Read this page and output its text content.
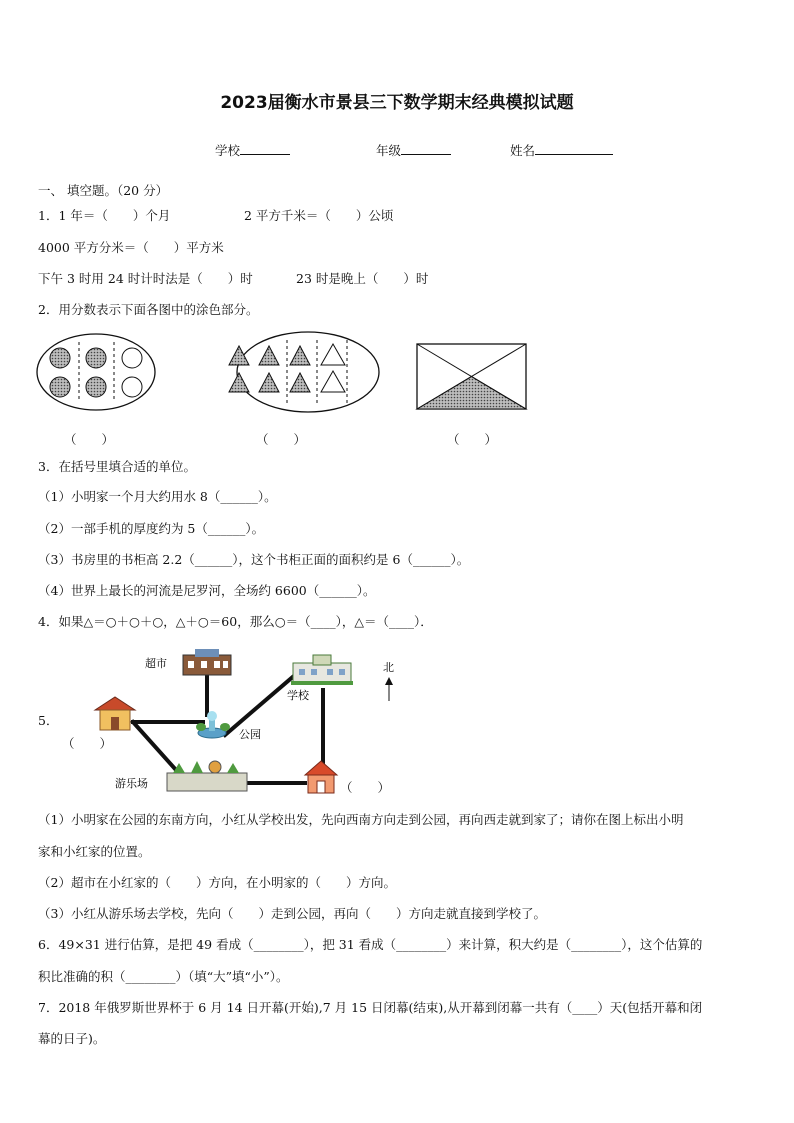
2023届衡水市景县三下数学期末经典模拟试题
学校	年级	姓名
一、 填空题。（20 分）
1．1 年＝（　　）个月	2 平方千米＝（　　）公顷
4000 平方分米＝（　　）平方米
下午 3 时用 24 时计时法是（　　）时	23 时是晚上（　　）时
2．用分数表示下面各图中的涂色部分。
（　　）	（　　）	（　　）
3．在括号里填合适的单位。
（1）小明家一个月大约用水 8（______）。
（2）一部手机的厚度约为 5（______）。
（3）书房里的书柜高 2.2（______），这个书柜正面的面积约是 6（______）。
（4）世界上最长的河流是尼罗河，全场约 6600（______）。
4．如果△＝○＋○＋○，△＋○＝60，那么○＝（____），△＝（____）．
5．
超市
学校
北
公园
游乐场
（　　）
（　　）
（1）小明家在公园的东南方向，小红从学校出发，先向西南方向走到公园，再向西走就到家了；请你在图上标出小明
家和小红家的位置。
（2）超市在小红家的（　　）方向，在小明家的（　　）方向。
（3）小红从游乐场去学校，先向（　　）走到公园，再向（　　）方向走就直接到学校了。
6．49×31 进行估算，是把 49 看成（________），把 31 看成（________）来计算，积大约是（________），这个估算的
积比准确的积（________）（填“大”填“小”）。
7．2018 年俄罗斯世界杯于 6 月 14 日开幕(开始),7 月 15 日闭幕(结束),从开幕到闭幕一共有（____）天(包括开幕和闭
幕的日子)。
